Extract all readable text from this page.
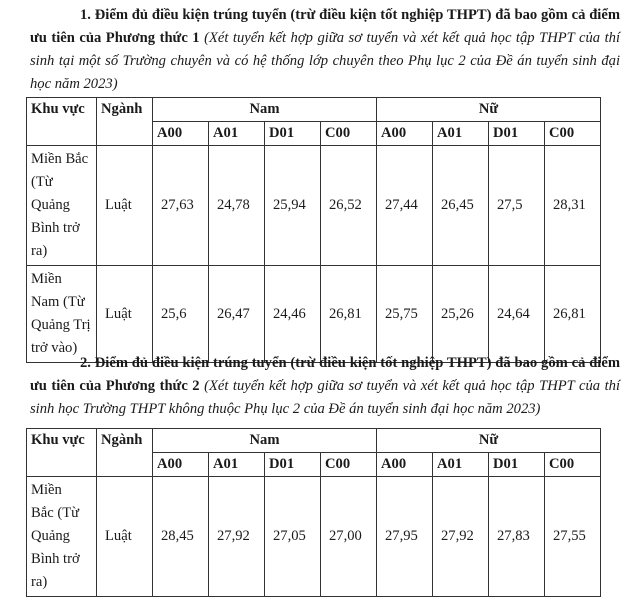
1. Điểm đủ điều kiện trúng tuyển (trừ điều kiện tốt nghiệp THPT) đã bao gồm cả điểm ưu tiên của Phương thức 1 (Xét tuyển kết hợp giữa sơ tuyển và xét kết quả học tập THPT của thí sinh tại một số Trường chuyên và có hệ thống lớp chuyên theo Phụ lục 2 của Đề án tuyển sinh đại học năm 2023)
Khu vực	Ngành	Nam				Nữ			
		A00	A01	D01	C00	A00	A01	D01	C00

Miền Bắc
(Từ
Quảng
Bình trở
ra)	Luật	27,63	24,78	25,94	26,52	27,44	26,45	27,5	28,31

Miền
Nam (Từ
Quảng Trị
trở vào)	Luật	25,6	26,47	24,46	26,81	25,75	25,26	24,64	26,81
2. Điểm đủ điều kiện trúng tuyển (trừ điều kiện tốt nghiệp THPT) đã bao gồm cả điểm ưu tiên của Phương thức 2 (Xét tuyển kết hợp giữa sơ tuyển và xét kết quả học tập THPT của thí sinh học Trường THPT không thuộc Phụ lục 2 của Đề án tuyển sinh đại học năm 2023)
Khu vực	Ngành	Nam				Nữ			
		A00	A01	D01	C00	A00	A01	D01	C00

Miền
Bắc (Từ
Quảng
Bình trở
ra)	Luật	28,45	27,92	27,05	27,00	27,95	27,92	27,83	27,55
